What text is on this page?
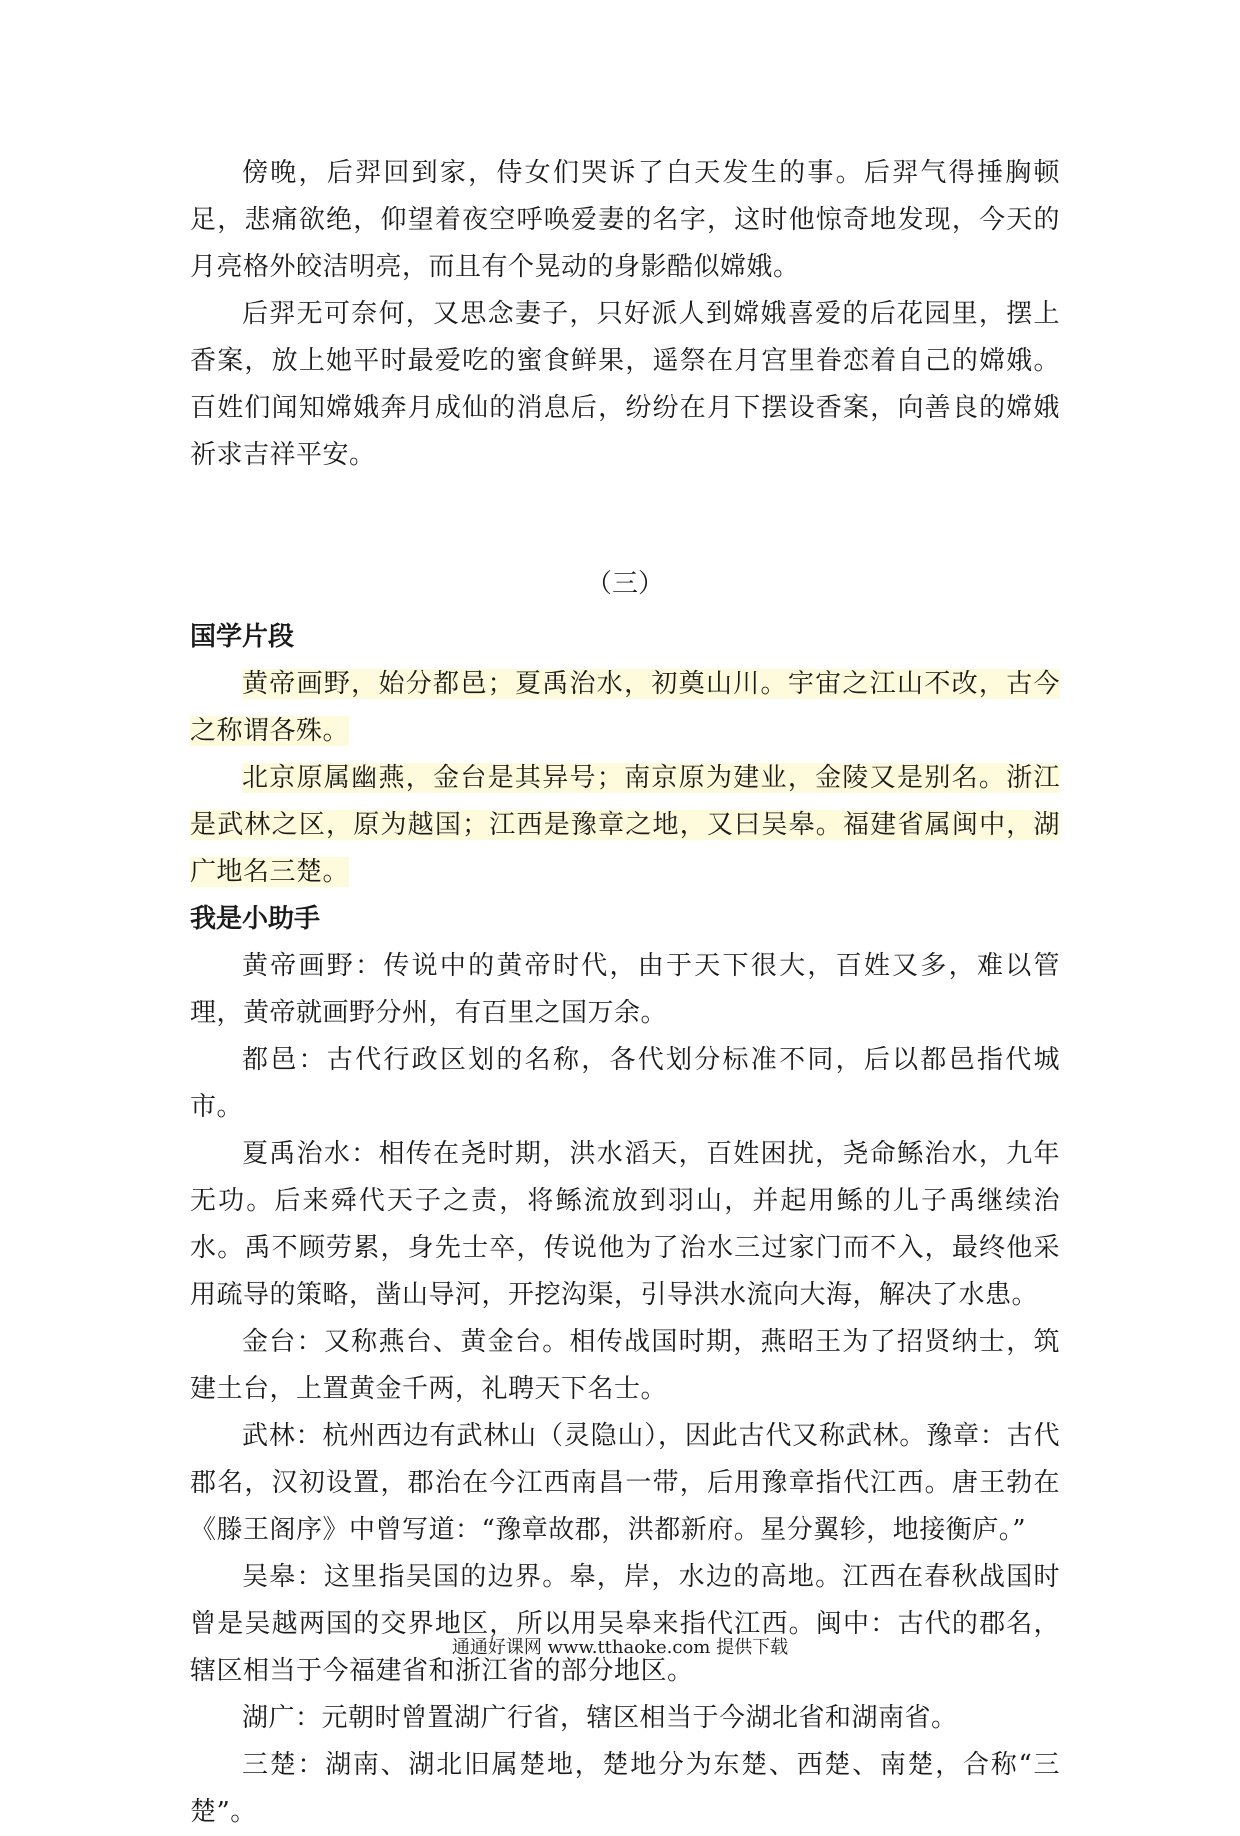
傍晚，后羿回到家，侍女们哭诉了白天发生的事。后羿气得捶胸顿足，悲痛欲绝，仰望着夜空呼唤爱妻的名字，这时他惊奇地发现，今天的月亮格外皎洁明亮，而且有个晃动的身影酷似嫦娥。

后羿无可奈何，又思念妻子，只好派人到嫦娥喜爱的后花园里，摆上香案，放上她平时最爱吃的蜜食鲜果，遥祭在月宫里眷恋着自己的嫦娥。百姓们闻知嫦娥奔月成仙的消息后，纷纷在月下摆设香案，向善良的嫦娥祈求吉祥平安。

（三）
国学片段

黄帝画野，始分都邑；夏禹治水，初奠山川。宇宙之江山不改，古今之称谓各殊。

北京原属幽燕，金台是其异号；南京原为建业，金陵又是别名。浙江是武林之区，原为越国；江西是豫章之地，又曰吴皋。福建省属闽中，湖广地名三楚。

我是小助手

黄帝画野：传说中的黄帝时代，由于天下很大，百姓又多，难以管理，黄帝就画野分州，有百里之国万余。

都邑：古代行政区划的名称，各代划分标准不同，后以都邑指代城市。

夏禹治水：相传在尧时期，洪水滔天，百姓困扰，尧命鲧治水，九年无功。后来舜代天子之责，将鲧流放到羽山，并起用鲧的儿子禹继续治水。禹不顾劳累，身先士卒，传说他为了治水三过家门而不入，最终他采用疏导的策略，凿山导河，开挖沟渠，引导洪水流向大海，解决了水患。

金台：又称燕台、黄金台。相传战国时期，燕昭王为了招贤纳士，筑建土台，上置黄金千两，礼聘天下名士。

武林：杭州西边有武林山（灵隐山），因此古代又称武林。豫章：古代郡名，汉初设置，郡治在今江西南昌一带，后用豫章指代江西。唐王勃在《滕王阁序》中曾写道：“豫章故郡，洪都新府。星分翼轸，地接衡庐。”

吴皋：这里指吴国的边界。皋，岸，水边的高地。江西在春秋战国时曾是吴越两国的交界地区，所以用吴皋来指代江西。闽中：古代的郡名，辖区相当于今福建省和浙江省的部分地区。

湖广：元朝时曾置湖广行省，辖区相当于今湖北省和湖南省。

三楚：湖南、湖北旧属楚地，楚地分为东楚、西楚、南楚，合称“三楚”。

通通好课网 www.tthaoke.com 提供下载
